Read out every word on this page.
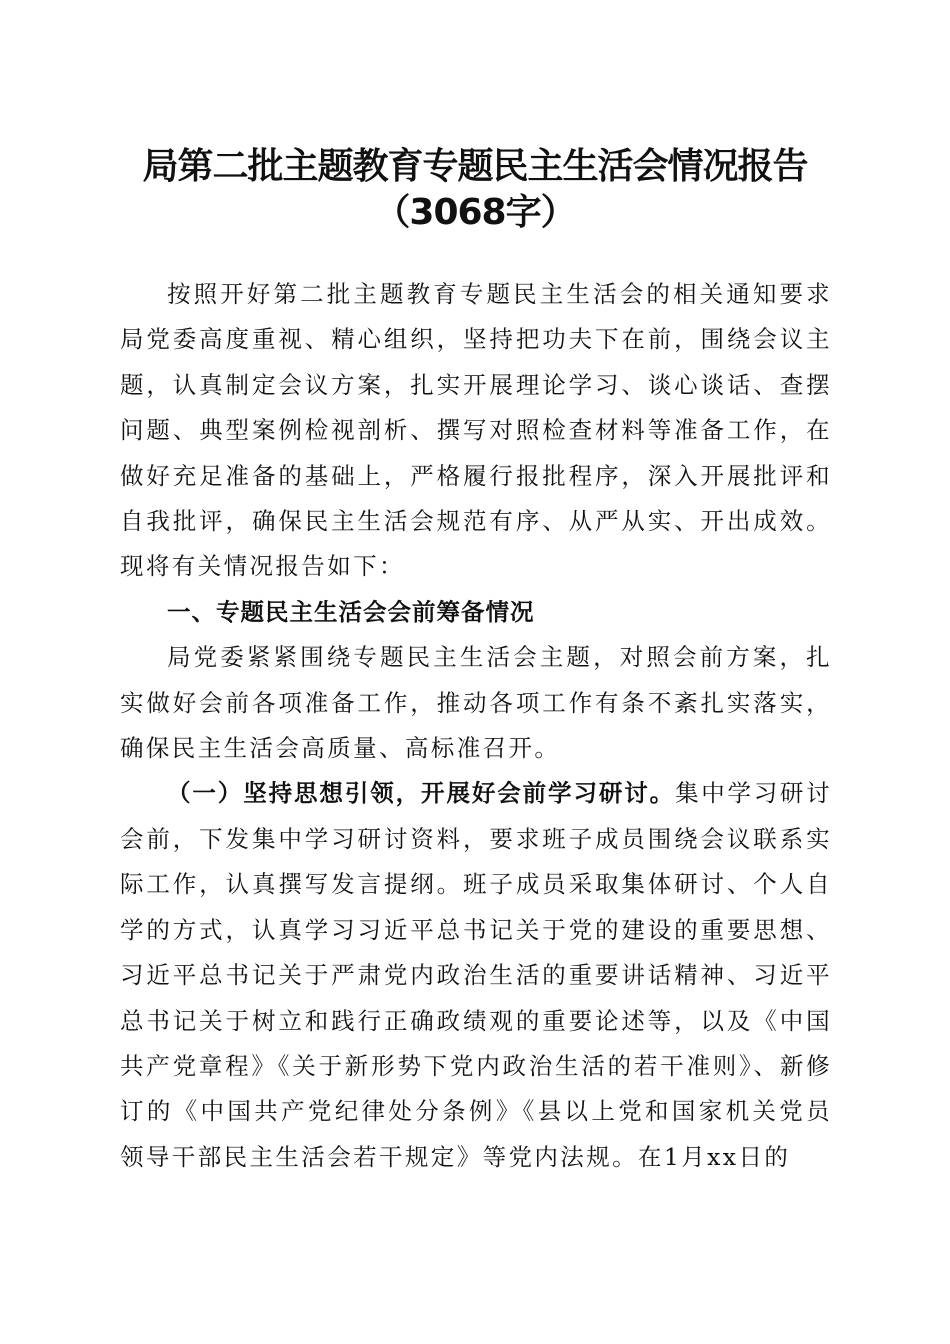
局第二批主题教育专题民主生活会情况报告
（3068字）

按照开好第二批主题教育专题民主生活会的相关通知要求局党委高度重视、精心组织，坚持把功夫下在前，围绕会议主题，认真制定会议方案，扎实开展理论学习、谈心谈话、查摆问题、典型案例检视剖析、撰写对照检查材料等准备工作，在做好充足准备的基础上，严格履行报批程序，深入开展批评和自我批评，确保民主生活会规范有序、从严从实、开出成效。现将有关情况报告如下：

一、专题民主生活会会前筹备情况

局党委紧紧围绕专题民主生活会主题，对照会前方案，扎实做好会前各项准备工作，推动各项工作有条不紊扎实落实，确保民主生活会高质量、高标准召开。

（一）坚持思想引领，开展好会前学习研讨。集中学习研讨会前，下发集中学习研讨资料，要求班子成员围绕会议联系实际工作，认真撰写发言提纲。班子成员采取集体研讨、个人自学的方式，认真学习习近平总书记关于党的建设的重要思想、习近平总书记关于严肃党内政治生活的重要讲话精神、习近平总书记关于树立和践行正确政绩观的重要论述等，以及《中国共产党章程》《关于新形势下党内政治生活的若干准则》、新修订的《中国共产党纪律处分条例》《县以上党和国家机关党员领导干部民主生活会若干规定》等党内法规。在1月xx日的
